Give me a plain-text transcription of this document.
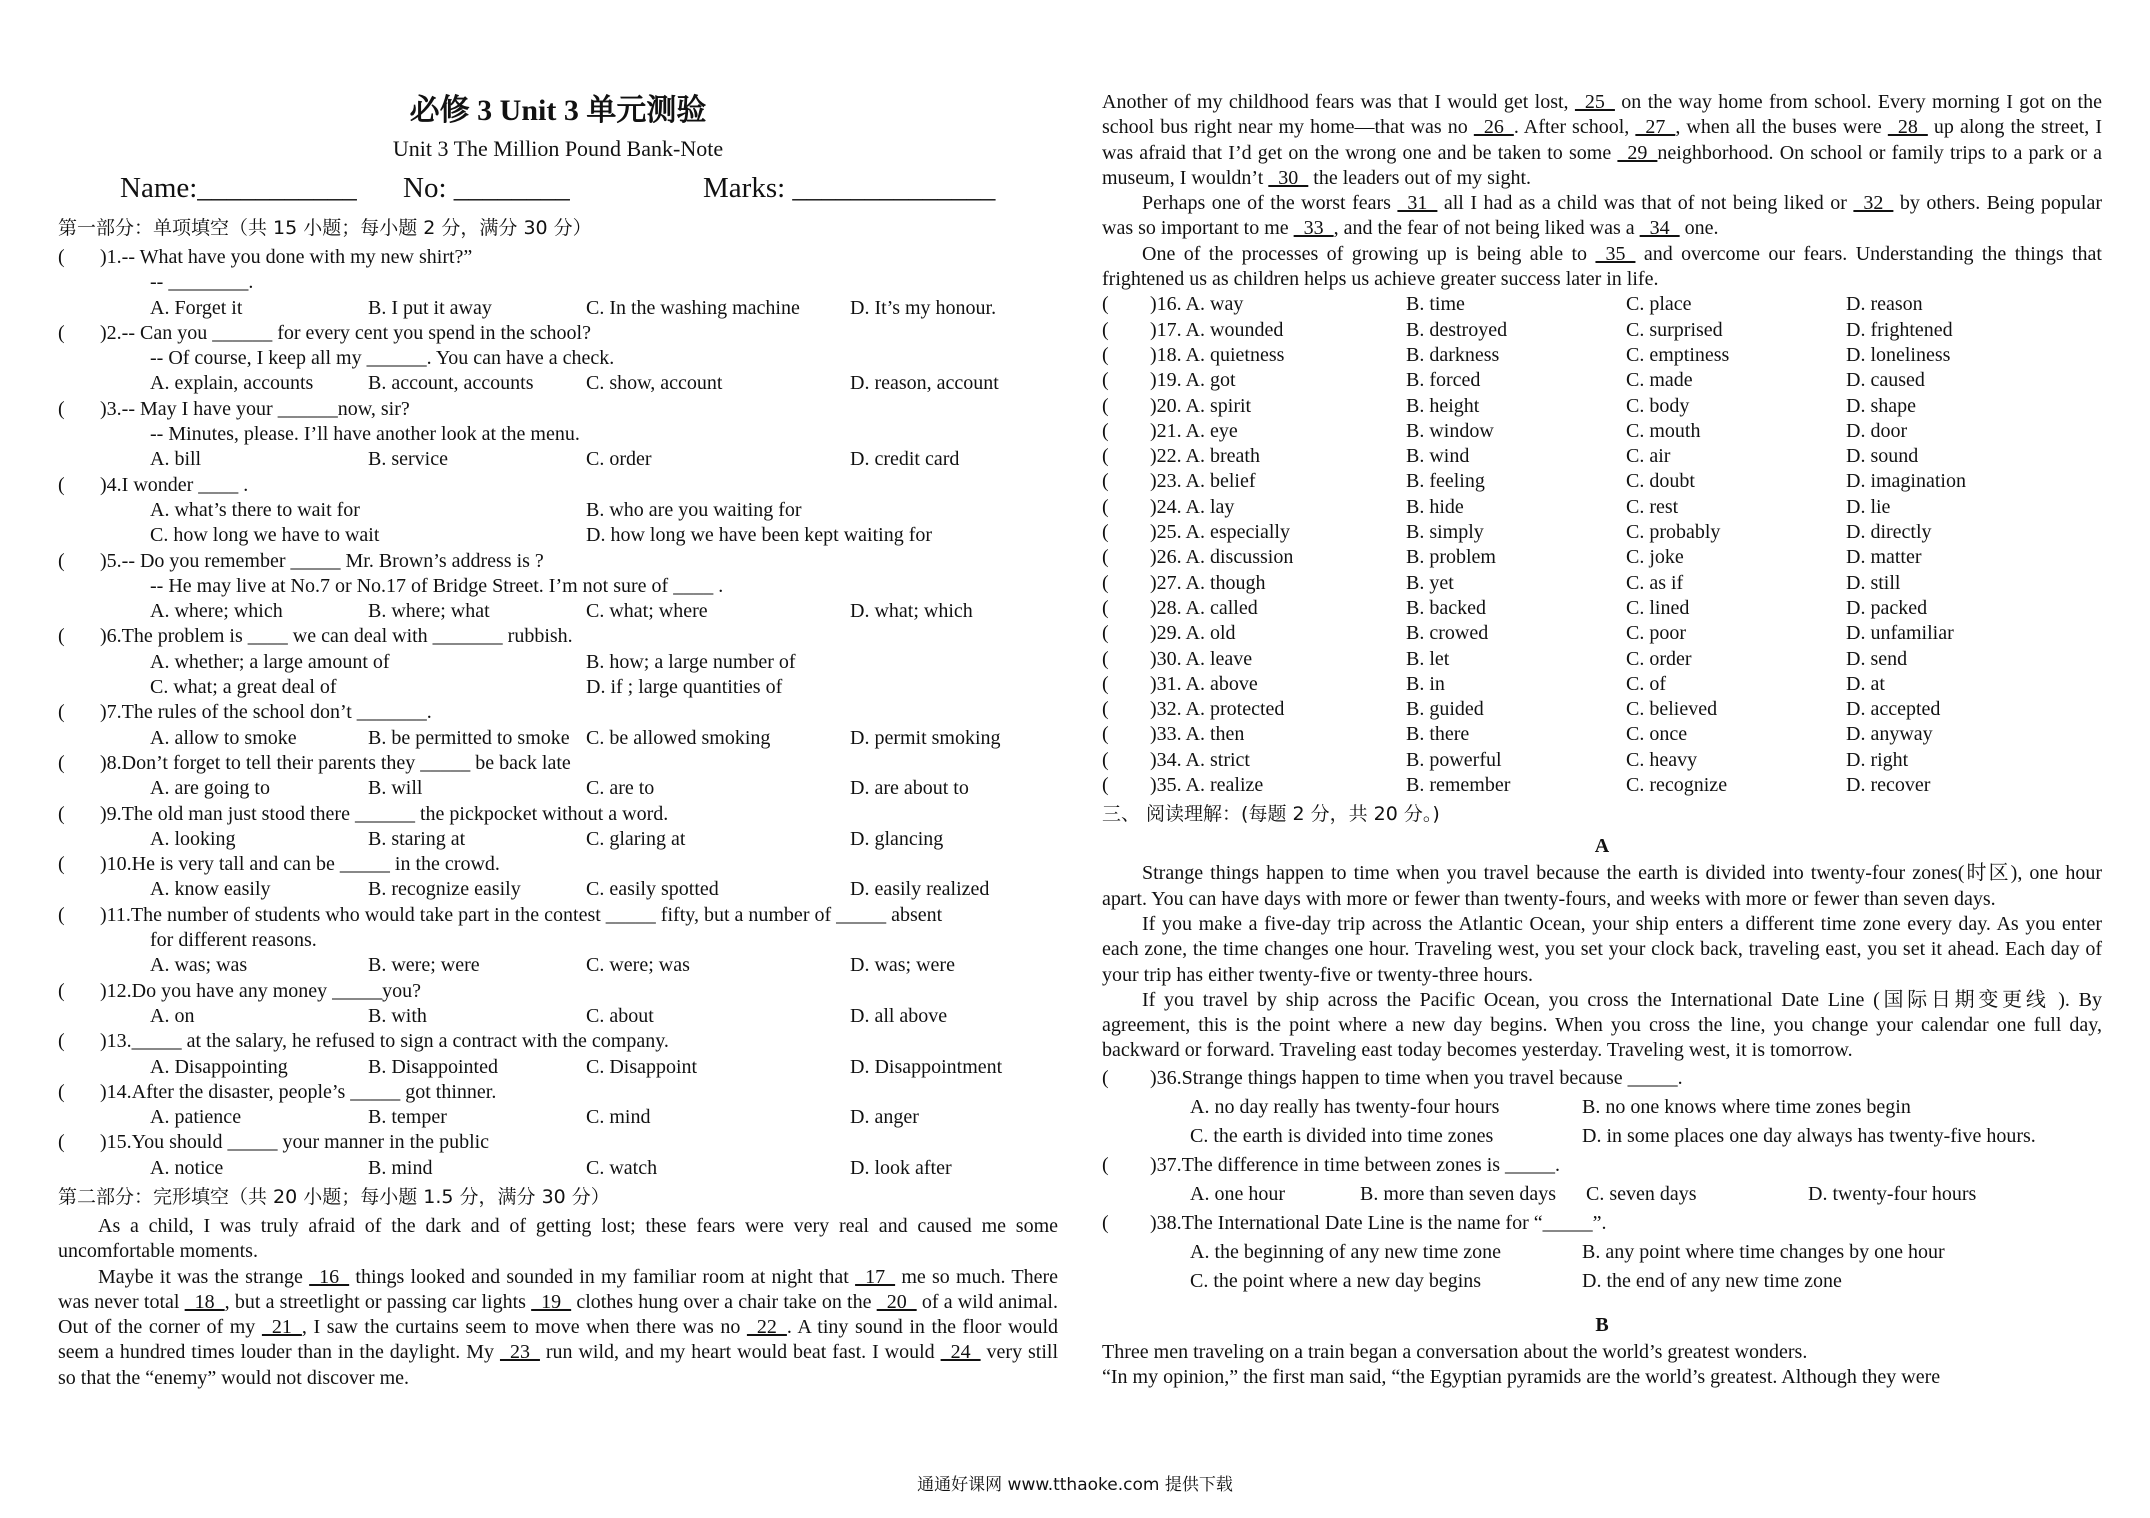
必修 3 Unit 3 单元测验
Unit 3 The Million Pound Bank-Note
Name:___________ No: ________	Marks: ______________
第一部分：单项填空（共 15 小题；每小题 2 分，满分 30 分）
( )1.-- What have you done with my new shirt?”
-- ________.
A. Forget it	B. I put it away	C. In the washing machine	D. It’s my honour.
( )2.-- Can you ______ for every cent you spend in the school?
-- Of course, I keep all my ______. You can have a check.
A. explain, accounts	B. account, accounts	C. show, account	D. reason, account
( )3.-- May I have your ______now, sir?
-- Minutes, please. I’ll have another look at the menu.
A. bill	B. service	C. order	D. credit card
( )4.I wonder ____ .
A. what’s there to wait for	B. who are you waiting for
C. how long we have to wait	D. how long we have been kept waiting for
( )5.-- Do you remember _____ Mr. Brown’s address is ?
-- He may live at No.7 or No.17 of Bridge Street. I’m not sure of ____ .
A. where; which	B. where; what	C. what; where	D. what; which
( )6.The problem is ____ we can deal with _______ rubbish.
A. whether; a large amount of	B. how; a large number of
C. what; a great deal of	D. if ; large quantities of
( )7.The rules of the school don’t _______.
A. allow to smoke	B. be permitted to smoke C. be allowed smoking	D. permit smoking
( )8.Don’t forget to tell their parents they _____ be back late
A. are going to	B. will	C. are to	D. are about to
( )9.The old man just stood there ______ the pickpocket without a word.
A. looking	B. staring at	C. glaring at	D. glancing
( )10.He is very tall and can be _____ in the crowd.
A. know easily	B. recognize easily	C. easily spotted	D. easily realized
( )11.The number of students who would take part in the contest _____ fifty, but a number of _____ absent
for different reasons.
A. was; was	B. were; were	C. were; was	D. was; were
( )12.Do you have any money _____you?
A. on	B. with	C. about	D. all above
( )13._____ at the salary, he refused to sign a contract with the company.
A. Disappointing	B. Disappointed	C. Disappoint	D. Disappointment
( )14.After the disaster, people’s _____ got thinner.
A. patience	B. temper	C. mind	D. anger
( )15.You should _____ your manner in the public
A. notice	B. mind	C. watch	D. look after
第二部分：完形填空（共 20 小题；每小题 1.5 分，满分 30 分）

As a child, I was truly afraid of the dark and of getting lost; these fears were very real and caused me some uncomfortable moments.

Maybe it was the strange  16  things looked and sounded in my familiar room at night that  17  me so much. There was never total  18 , but a streetlight or passing car lights  19  clothes hung over a chair take on the  20  of a wild animal. Out of the corner of my  21 , I saw the curtains seem to move when there was no  22 . A tiny sound in the floor would seem a hundred times louder than in the daylight. My  23  run wild, and my heart would beat fast. I would  24  very still so that the “enemy” would not discover me.

Another of my childhood fears was that I would get lost,  25  on the way home from school. Every morning I got on the school bus right near my home—that was no  26 . After school,  27 , when all the buses were  28  up along the street, I was afraid that I’d get on the wrong one and be taken to some  29 neighborhood. On school or family trips to a park or a museum, I wouldn’t  30  the leaders out of my sight.

Perhaps one of the worst fears  31  all I had as a child was that of not being liked or  32  by others. Being popular was so important to me  33 , and the fear of not being liked was a  34  one.

One of the processes of growing up is being able to  35  and overcome our fears. Understanding the things that frightened us as children helps us achieve greater success later in life.

( )16. A. way	B. time	C. place	D. reason
( )17. A. wounded	B. destroyed	C. surprised	D. frightened
( )18. A. quietness	B. darkness	C. emptiness	D. loneliness
( )19. A. got	B. forced	C. made	D. caused
( )20. A. spirit	B. height	C. body	D. shape
( )21. A. eye	B. window	C. mouth	D. door
( )22. A. breath	B. wind	C. air	D. sound
( )23. A. belief	B. feeling	C. doubt	D. imagination
( )24. A. lay	B. hide	C. rest	D. lie
( )25. A. especially	B. simply	C. probably	D. directly
( )26. A. discussion	B. problem	C. joke	D. matter
( )27. A. though	B. yet	C. as if	D. still
( )28. A. called	B. backed	C. lined	D. packed
( )29. A. old	B. crowed	C. poor	D. unfamiliar
( )30. A. leave	B. let	C. order	D. send
( )31. A. above	B. in	C. of	D. at
( )32. A. protected	B. guided	C. believed	D. accepted
( )33. A. then	B. there	C. once	D. anyway
( )34. A. strict	B. powerful	C. heavy	D. right
( )35. A. realize	B. remember	C. recognize	D. recover
三、 阅读理解：(每题 2 分，共 20 分。)
A

Strange things happen to time when you travel because the earth is divided into twenty-four zones(时区), one hour apart. You can have days with more or fewer than twenty-fours, and weeks with more or fewer than seven days.

If you make a five-day trip across the Atlantic Ocean, your ship enters a different time zone every day. As you enter each zone, the time changes one hour. Traveling west, you set your clock back, traveling east, you set it ahead. Each day of your trip has either twenty-five or twenty-three hours.

If you travel by ship across the Pacific Ocean, you cross the International Date Line (国际日期变更线 ). By agreement, this is the point where a new day begins. When you cross the line, you change your calendar one full day, backward or forward. Traveling east today becomes yesterday. Traveling west, it is tomorrow.

( )36.Strange things happen to time when you travel because _____.
A. no day really has twenty-four hours	B. no one knows where time zones begin
C. the earth is divided into time zones	D. in some places one day always has twenty-five hours.
( )37.The difference in time between zones is _____.
A. one hour	B. more than seven days C. seven days	D. twenty-four hours
( )38.The International Date Line is the name for “_____”.
A. the beginning of any new time zone	B. any point where time changes by one hour
C. the point where a new day begins	D. the end of any new time zone
B

Three men traveling on a train began a conversation about the world’s greatest wonders.

“In my opinion,” the first man said, “the Egyptian pyramids are the world’s greatest. Although they were

通通好课网 www.tthaoke.com 提供下载
